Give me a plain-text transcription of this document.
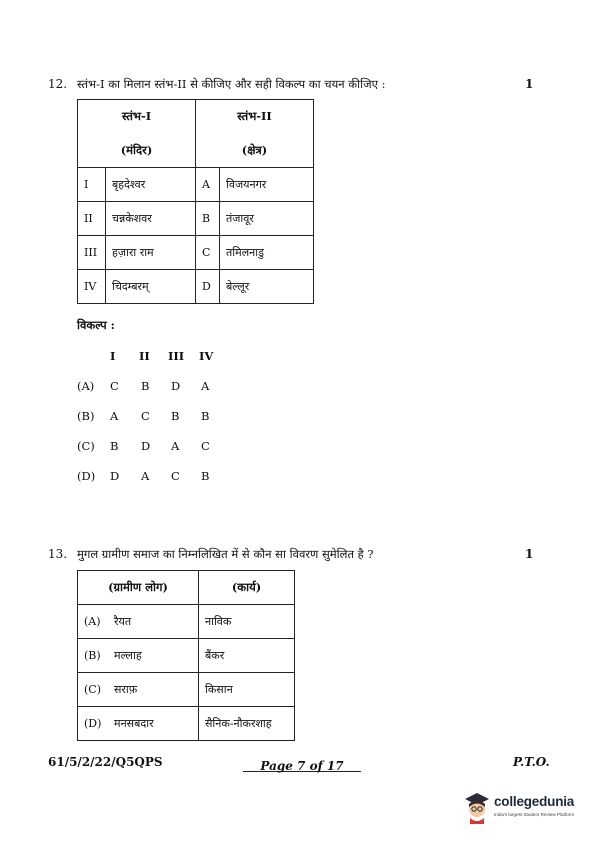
12. स्तंभ-I का मिलान स्तंभ-II से कीजिए और सही विकल्प का चयन कीजिए :	1
स्तंभ-I		स्तंभ-II	
(मंदिर)		(क्षेत्र)	
I	बृहदेश्वर	A	विजयनगर
II	चन्नकेशवर	B	तंजावूर
III	हज़ारा राम	C	तमिलनाडु
IV	चिदम्बरम्	D	बेल्लूर
विकल्प :
I II III IV
(A) C B D A
(B) A C B B
(C) B D A C
(D) D A C B
13. मुगल ग्रामीण समाज का निम्नलिखित में से कौन सा विवरण सुमेलित है ?	1
(ग्रामीण लोग)	(कार्य)
(A) रैयत	नाविक
(B) मल्लाह	बैंकर
(C) सराफ़	किसान
(D) मनसबदार	सैनिक-नौकरशाह
61/5/2/22/Q5QPS	Page 7 of 17	P.T.O.
collegedunia
India's largest Student Review Platform
